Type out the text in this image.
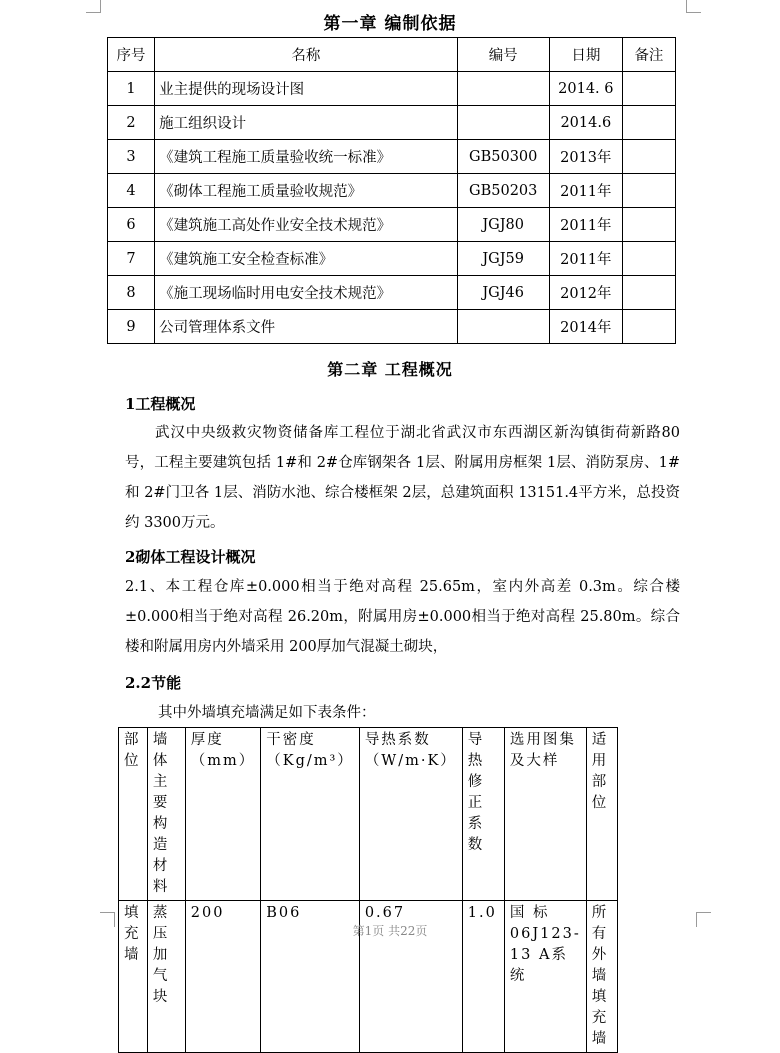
第一章 编制依据
序号	名称	编号	日期	备注
1	业主提供的现场设计图		2014. 6	
2	施工组织设计		2014.6	
3	《建筑工程施工质量验收统一标准》	GB50300	2013年	
4	《砌体工程施工质量验收规范》	GB50203	2011年	
6	《建筑施工高处作业安全技术规范》	JGJ80	2011年	
7	《建筑施工安全检查标准》	JGJ59	2011年	
8	《施工现场临时用电安全技术规范》	JGJ46	2012年	
9	公司管理体系文件		2014年	
第二章 工程概况
1工程概况
武汉中央级救灾物资储备库工程位于湖北省武汉市东西湖区新沟镇街荷新路80号，工程主要建筑包括 1#和 2#仓库钢架各 1层、附属用房框架 1层、消防泵房、1#和 2#门卫各 1层、消防水池、综合楼框架 2层，总建筑面积 13151.4平方米，总投资约 3300万元。
2砌体工程设计概况
2.1、本工程仓库±0.000相当于绝对高程 25.65m，室内外高差 0.3m。综合楼±0.000相当于绝对高程 26.20m，附属用房±0.000相当于绝对高程 25.80m。综合楼和附属用房内外墙采用 200厚加气混凝土砌块，
2.2节能
其中外墙填充墙满足如下表条件：
部位	墙体主要构造材料	厚度（mm）	干密度（Kg/m³）	导热系数（W/m·K）	导热修正系数	选用图集及大样	适用部位
填充墙	蒸压加气块	200	B06	0.67	1.0	国 标 06J123-13 A系统	所有外墙填充墙
第1页 共22页
